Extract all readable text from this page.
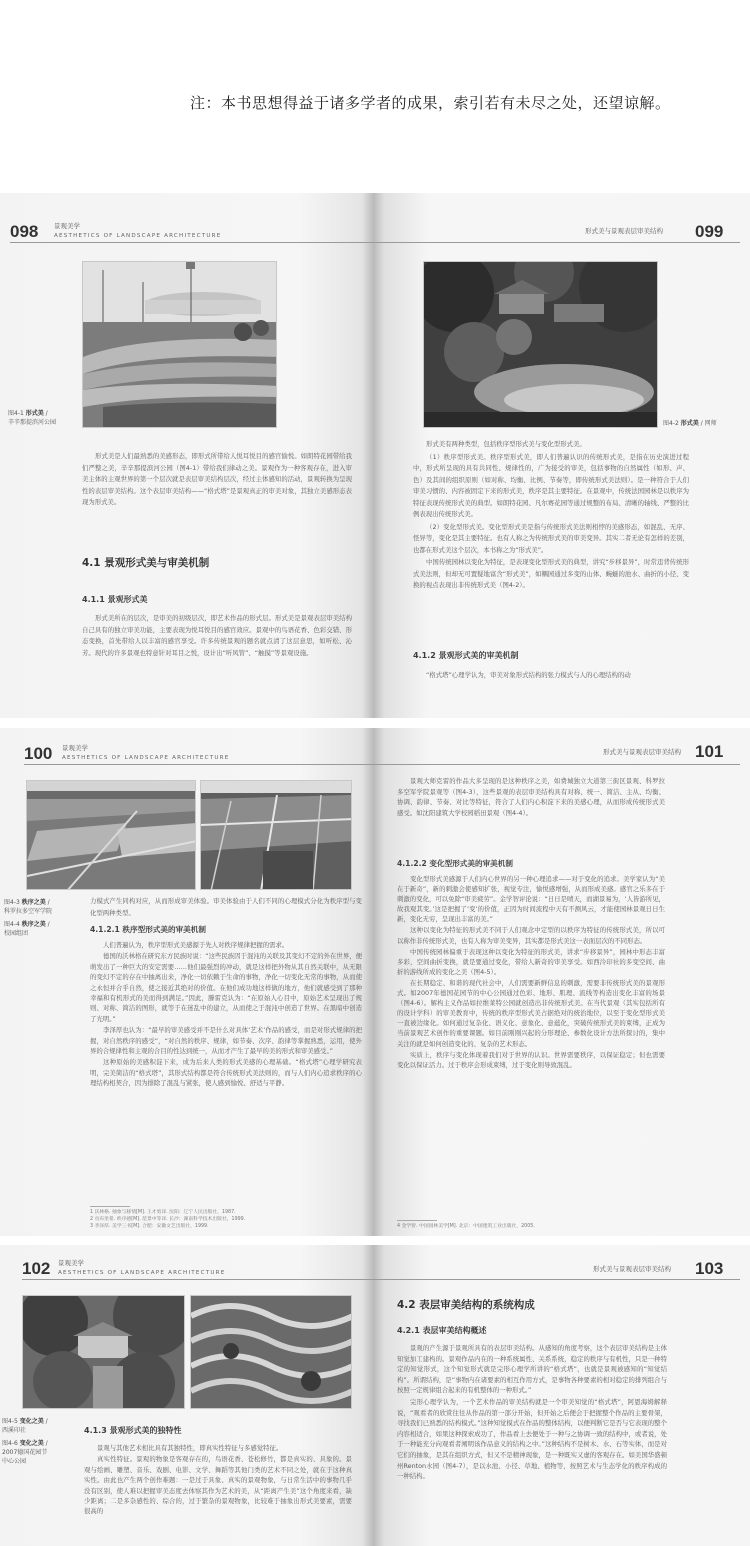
注：本书思想得益于诸多学者的成果，索引若有未尽之处，还望谅解。
098 景观美学
AESTHETICS OF LANDSCAPE ARCHITECTURE
图4-1 形式美 /
辛辛那提滨河公园

形式美是人们最熟悉的美感形态，即形式所带给人悦耳悦目的感官愉悦。如朗特花园带给我们严整之美，辛辛那提滨河公园（图4-1）带给我们律动之美。景观作为一种客观存在，进入审美主体的主观世界的第一个层次就是表层审美结构层次，经过主体感知的活动，景观转换为呈现性的表层审美结构。这个表层审美结构——“格式塔”是景观真正的审美对象，其独立美感形态表现为形式美。

4.1 景观形式美与审美机制
4.1.1 景观形式美

形式美所在的层次，是审美的初级层次，即艺术作品的形式层。形式美是景观表层审美结构自己具有的独立审美功能，主要表现为悦耳悦目的感官效应。景观中的鸟语花香、色彩交错、形态变换，首先带给人以丰富的感官享受。许多传统景观的题名就点清了这层意思，如听松、沁芳。现代的许多景观也特意针对耳目之悦，设计出“听风管”、“触摸”等景观设施。

形式美与景观表层审美结构 099
图4-2 形式美 / 网师

形式美有两种类型，包括秩序型形式美与变化型形式美。

（1）秩序型形式美。秩序型形式美，即人们普遍认识的传统形式美，是指在历史演进过程中，形式所呈现的具有共同性、规律性的，广为接受的审美，包括事物的自然属性（如形、声、色）及其间的组织原则（如对称、均衡、比例、节奏等，即传统形式美法则）。是一种符合于人们审美习惯的、内容被固定下来的形式美，秩序是其主要特征。在景观中，传统法国园林是以秩序为特征表现传统形式美的典型。如朗特花园、凡尔赛花园等通过规整的布局、清晰的轴线、严整的比例表现出传统形式美。

（2）变化型形式美。变化型形式美是指与传统形式美法则相悖的美感形态，如混乱、无序、怪异等，变化是其主要特征。也有人称之为传统形式美的审美变异。其实二者无论有怎样的差别，也都在形式美这个层次，本书称之为“形式美”。

中国传统园林以变化为特征，是表现变化型形式美的典型，讲究“步移景异”，时常违背传统形式美法则，但却无可置疑地富含“形式美”，如耦园通过多变的山体、蜿蜒的池水、曲折的小径、变换的视点表现出非传统形式美（图4-2）。

4.1.2 景观形式美的审美机制

“格式塔”心理学认为，审美对象形式结构的张力模式与人的心理结构的动

100 景观美学
AESTHETICS OF LANDSCAPE ARCHITECTURE
图4-3 秩序之美 /
科罗拉多空军学院
图4-4 秩序之美 /
校园组团

力模式产生同构对应，从而形成审美体验。审美体验由于人们不同的心理模式分化为秩序型与变化型两种类型。

4.1.2.1 秩序型形式美的审美机制

人们普遍认为，秩序型形式美感源于先人对秩序规律把握的需求。

德国的沃林格在研究东方民族时说：“这些民族因于混沌的关联及其变幻不定的外在世界，便萌发出了一种巨大的安定需要……他们最强烈的冲动，就是这样把外物从其自然关联中，从无限的变幻不定的存在中抽离出来，净化一切依赖于生命的事物，净化一切变化无常的事物，从而使之永恒并合乎自然，使之接近其绝对的价值。在他们成功地这样做的地方，他们就感受到了那种幸福和有机形式的美而得到满足。”因此，滕雷克认为：“在原始人心目中，原始艺术呈现出了规则、对称、简洁的图形，就等于在迷乱中的建立，从而使之于混沌中创造了世界。在黑暗中创造了光明。”

李泽厚也认为：“最早的审美感受并不是什么对具体‘艺术’作品的感受，而是对形式规律的把握，对自然秩序的感受”，“对自然的秩序、规律，如节奏、次序、韵律等掌握熟悉，运用，使外界的合规律性和主观的合目的性达到统一，从而才产生了最早的美的形式和审美感受。”

这种原始的美感积淀下来，成为后来人类的形式美感的心理基础。“格式塔”心理学研究表明，完美简洁的“格式塔”，其形式结构都是符合传统形式美法则的，而与人们内心追求秩序的心理结构相契合，因为排除了混乱与紧张，使人感到愉悦、舒适与平静。

1 沃林格. 抽象与移情[M]. 王才勇译. 沈阳：辽宁人民出版社，1987.
2 贡布里希. 秩序感[M]. 范景中等译. 长沙：湖南科学技术出版社，1999.
3 李泽厚. 美学三书[M]. 合肥：安徽文艺出版社，1999.
形式美与景观表层审美结构 101

景观大师克雷的作品大多呈现的是这种秩序之美，如费城独立大道第三街区景观、科罗拉多空军学院景观等（图4-3），这些景观的表层审美结构具有对称、统一、简洁、主从、均衡、协调、韵律、节奏、对比等特征，符合了人们内心积淀下来的美感心理，从而形成传统形式美感受。如沈阳建筑大学校园稻田景观（图4-4）。

4.1.2.2 变化型形式美的审美机制

变化型形式美感源于人们内心世界的另一种心理追求——对于变化的追求。美学家认为“美在于新奇”，新的刺激会使感知扩张，视觉专注，愉悦感增强，从而形成美感。感官之乐多在于刺激的变化，可以免除“审美疲劳”。金学智评论说：“日日是晴天，而湖景易为，‘人皆游所见，故我观其变。’这是把握了‘变’的价值，正因为时间流程中天有不测风云，才能使园林景观日日生新，变化无穷，呈现出丰富的美。”

这种以变化为特征的形式美不同于人们观念中定型的以秩序为特征的传统形式美，所以可以称作非传统形式美，也有人称为审美变异，其实都是形式美这一表面层次的不同形态。

中国传统园林偏重于表现这种以变化为特征的形式美，讲求“步移景异”，园林中形态丰富多彩，空间曲折变换，就是要通过变化，带给人新奇的审美享受。如西泠印社的多变空间、曲折的游线所成的变化之美（图4-5）。

在长期稳定、和谐的现代社会中，人们需要新鲜信息的刺激，需要非传统形式美的景观形式。如2007年德国花园节的中心公园通过色彩、地形、肌理、流线等构造出变化丰富的场景（图4-6）。解构主义作品如拉维莱特公园就创造出非传统形式美。在当代景观（其实包括所有的设计学科）的审美教育中，传统的秩序型形式美占据绝对的统治地位，以至于变化型形式美一直被边缘化。如何通过复杂化、语义化、意象化、意蕴化，突破传统形式美的束缚，正成为当前景观艺术创作的重要课题。如目前刚刚兴起的分形理论、参数化设计方法所探讨的，集中关注的就是如何创造变化的、复杂的艺术形态。

实质上，秩序与变化体现着我们对于世界的认识。世界需要秩序，以保证稳定；但也需要变化以保证活力。过于秩序会形成束缚，过于变化则导致混乱。

4 金学智. 中国园林美学[M]. 北京：中国建筑工业出版社，2005.
102 景观美学
AESTHETICS OF LANDSCAPE ARCHITECTURE
图4-5 变化之美 /
西溪印社
图4-6 变化之美 /
2007德国花园节
中心公园
4.1.3 景观形式美的独特性

景观与其他艺术相比具有其独特性，即真实性特征与多感觉特征。

真实性特征。景观的物象是客观存在的，鸟语花香、苍松修竹，都是真实的、具象的。景观与绘画、雕塑、音乐、戏剧、电影、文学、舞蹈等其他门类的艺术不同之处，就在于这种真实性。由此也产生两个创作难题：一是过于具象、真实的景观物象，与日常生活中的事物几乎没有区别，使人难以把握审美态度去体察其作为艺术的美，从“距离产生美”这个角度来看，缺少距离；二是多杂感性的、综合的，过于繁杂的景观物象，比较难于抽象出形式美要素，需要很高的

形式美与景观表层审美结构 103
4.2 表层审美结构的系统构成
4.2.1 表层审美结构概述

景观的产生源于景观所具有的表层审美结构。从感知的角度考察，这个表层审美结构是主体知觉加工建构的。景观作品内在的一种系统属性、关系系统，稳定的秩序与有机性，只是一种特定的知觉形式，这个知觉形式就是完形心理学所讲的“格式塔”，也就是景观被感知的“知觉结构”。所谓结构，是“事物内在诸要素的相互作用方式，是事物各种要素的相对稳定的排列组合与按照一定规律组合起来的有机整体的一种形式。”

完形心理学认为，一个艺术作品的审美结构就是一个审美知觉的“格式塔”，阿恩海姆解释说，“观看者的欣赏往往从作品的第一部分开始，但开始之后便会于把握整个作品的主要骨架，寻找我们已熟悉的结构模式。”这种知觉模式在作品的整体结构，以便判断它是否与它表现的整个内容相适合，如果这种探索成功了，作品看上去便处于一种与之协调一致的结构中，或者说，处于一种能充分向观看者阐明该作品意义的结构之中。”这种结构不是树木、水、石等实体，而是对它们的抽象，是其在组织方式，但又不是精神现象，是一种既实又虚的客观存在。如美国华盛顿州Renton水园（图4-7），是以水池、小径、草地、植物等，按照艺术与生态学化的秩序构成的一种结构。
